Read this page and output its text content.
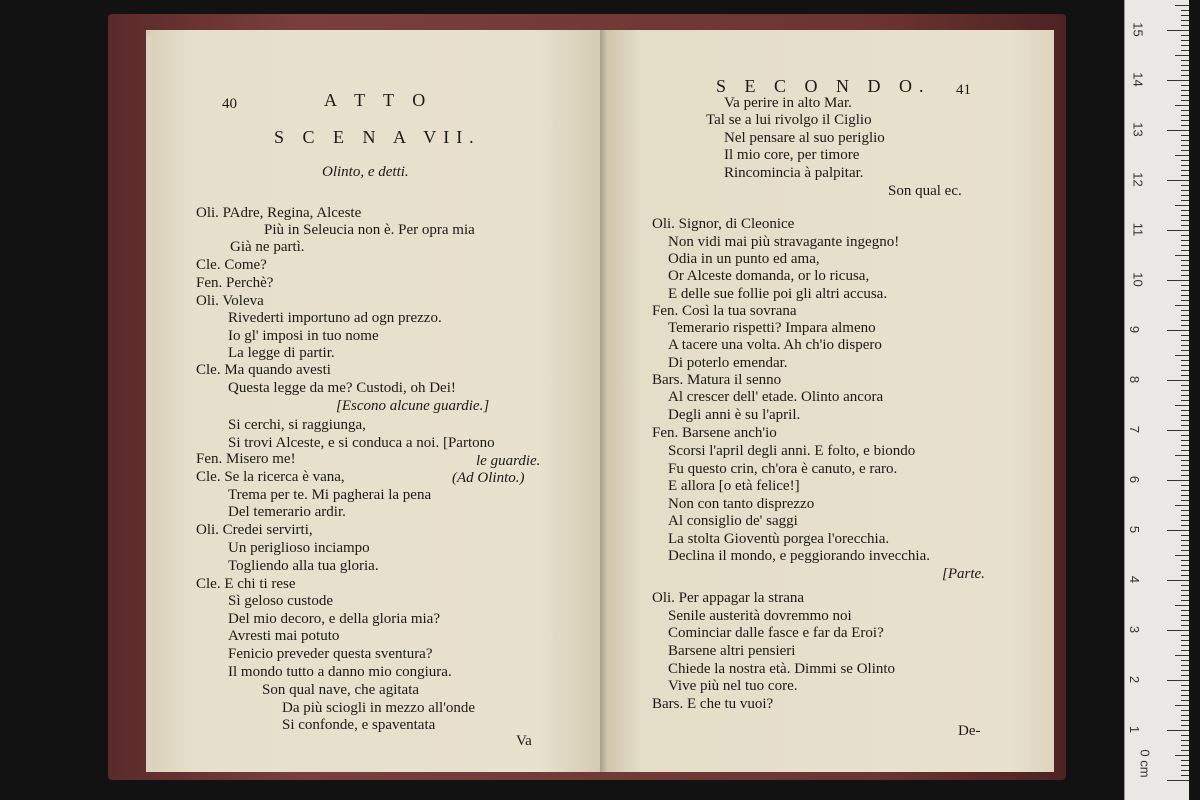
40	A T T O
S C E N A VII.
Olinto, e detti.
Oli. PAdre, Regina, Alceste
Più in Seleucia non è. Per opra mia
Già ne partì.
Cle. Come?
Fen. Perchè?
Oli. Voleva
Rivederti importuno ad ogn prezzo.
Io gl' imposi in tuo nome
La legge di partir.
Cle. Ma quando avesti
Questa legge da me? Custodi, oh Dei!
[Escono alcune guardie.]
Si cerchi, si raggiunga,
Si trovi Alceste, e si conduca a noi. [Partono
Fen. Misero me!	le guardie.
Cle. Se la ricerca è vana,	(Ad Olinto.)
Trema per te. Mi pagherai la pena
Del temerario ardir.
Oli. Credei servirti,
Un periglioso inciampo
Togliendo alla tua gloria.
Cle. E chi ti rese
Sì geloso custode
Del mio decoro, e della gloria mia?
Avresti mai potuto
Fenicio preveder questa sventura?
Il mondo tutto a danno mio congiura.
Son qual nave, che agitata
Da più sciogli in mezzo all'onde
Si confonde, e spaventata
Va
S E C O N D O. 41
Va perire in alto Mar.
Tal se a lui rivolgo il Ciglio
Nel pensare al suo periglio
Il mio core, per timore
Rincomincia à palpitar.
Son qual ec.
Oli. Signor, di Cleonice
Non vidi mai più stravagante ingegno!
Odia in un punto ed ama,
Or Alceste domanda, or lo ricusa,
E delle sue follie poi gli altri accusa.
Fen. Così la tua sovrana
Temerario rispetti? Impara almeno
A tacere una volta. Ah ch'io dispero
Di poterlo emendar.
Bars. Matura il senno
Al crescer dell' etade. Olinto ancora
Degli anni è su l'april.
Fen. Barsene anch'io
Scorsi l'april degli anni. E folto, e biondo
Fu questo crin, ch'ora è canuto, e raro.
E allora [o età felice!]
Non con tanto disprezzo
Al consiglio de' saggi
La stolta Gioventù porgea l'orecchia.
Declina il mondo, e peggiorando invecchia.
[Parte.
Oli. Per appagar la strana
Senile austerità dovremmo noi
Cominciar dalle fasce e far da Eroi?
Barsene altri pensieri
Chiede la nostra età. Dimmi se Olinto
Vive più nel tuo core.
Bars. E che tu vuoi?
De-
0 cm
1
2
3
4
5
6
7
8
9
10
11
12
13
14
15
